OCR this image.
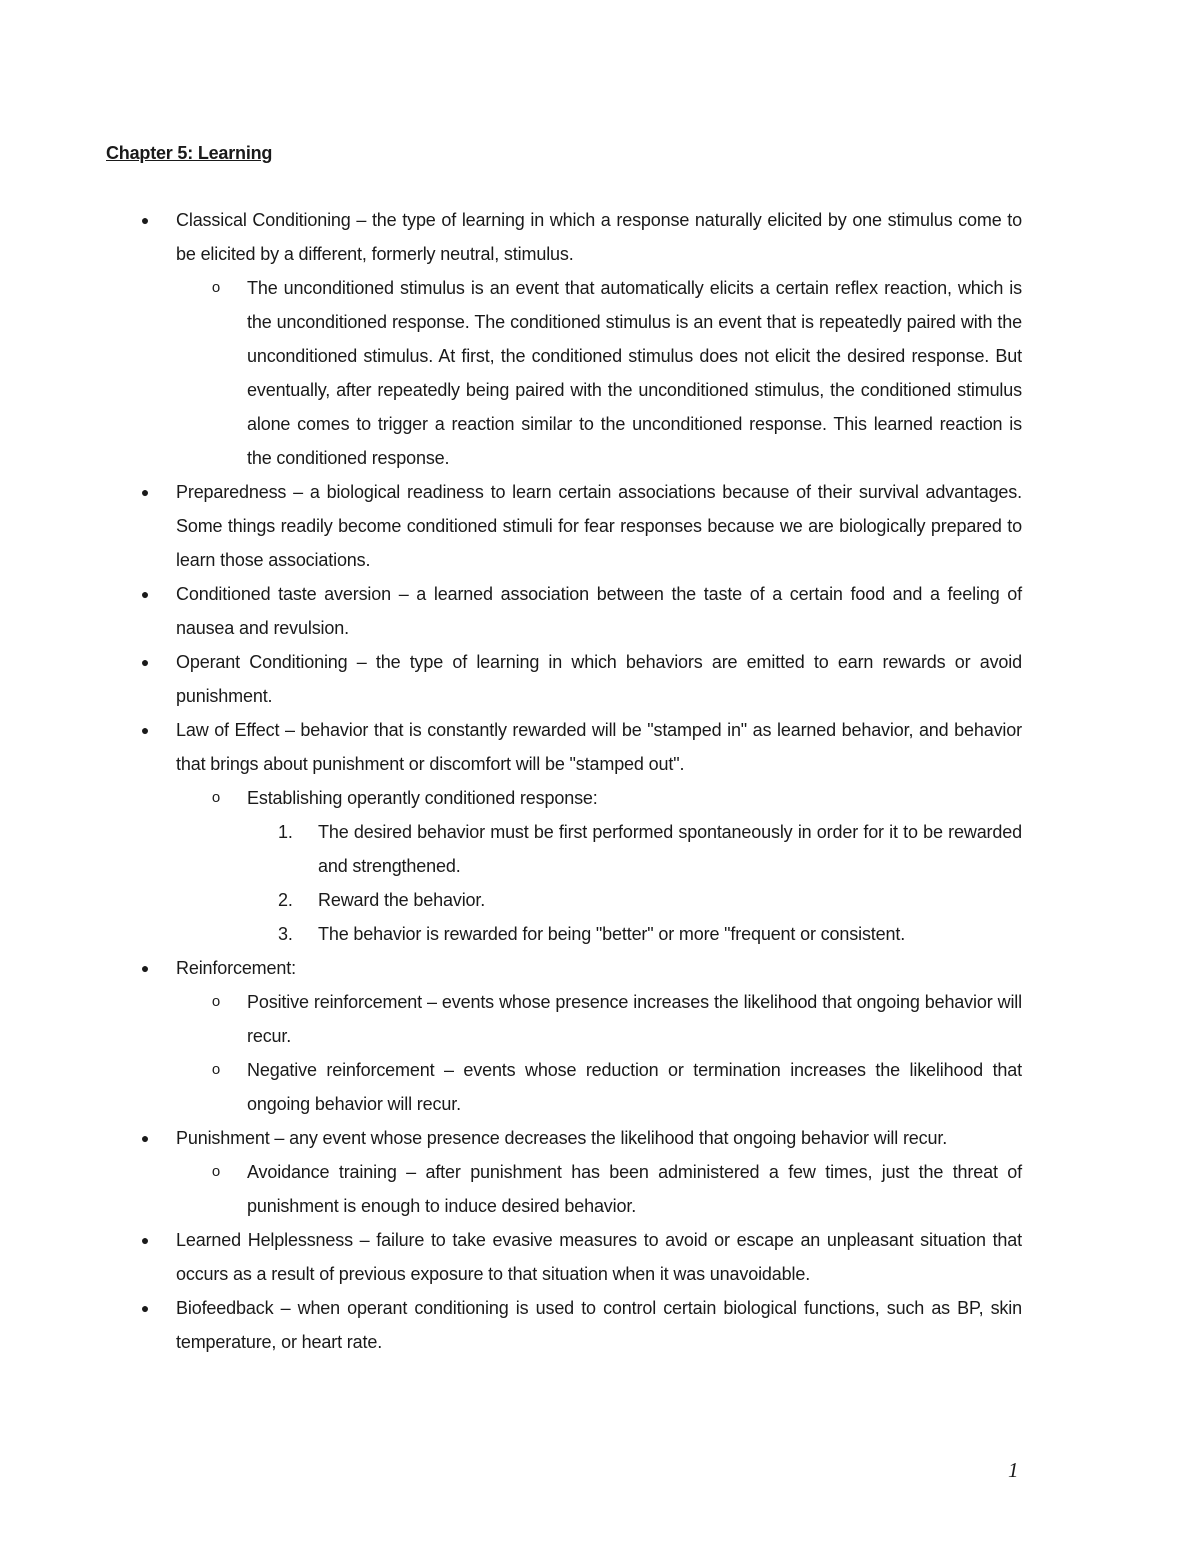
Chapter 5: Learning
● Classical Conditioning – the type of learning in which a response naturally elicited by one stimulus come to be elicited by a different, formerly neutral, stimulus.
o The unconditioned stimulus is an event that automatically elicits a certain reflex reaction, which is the unconditioned response. The conditioned stimulus is an event that is repeatedly paired with the unconditioned stimulus. At first, the conditioned stimulus does not elicit the desired response. But eventually, after repeatedly being paired with the unconditioned stimulus, the conditioned stimulus alone comes to trigger a reaction similar to the unconditioned response. This learned reaction is the conditioned response.
● Preparedness – a biological readiness to learn certain associations because of their survival advantages. Some things readily become conditioned stimuli for fear responses because we are biologically prepared to learn those associations.
● Conditioned taste aversion – a learned association between the taste of a certain food and a feeling of nausea and revulsion.
● Operant Conditioning – the type of learning in which behaviors are emitted to earn rewards or avoid punishment.
● Law of Effect – behavior that is constantly rewarded will be "stamped in" as learned behavior, and behavior that brings about punishment or discomfort will be "stamped out".
o Establishing operantly conditioned response:
1.	The desired behavior must be first performed spontaneously in order for it to be rewarded and strengthened.
2.	Reward the behavior.
3.	The behavior is rewarded for being "better" or more "frequent or consistent.
● Reinforcement:
o Positive reinforcement – events whose presence increases the likelihood that ongoing behavior will recur.
o Negative reinforcement – events whose reduction or termination increases the likelihood that ongoing behavior will recur.
● Punishment – any event whose presence decreases the likelihood that ongoing behavior will recur.
o Avoidance training – after punishment has been administered a few times, just the threat of punishment is enough to induce desired behavior.
● Learned Helplessness – failure to take evasive measures to avoid or escape an unpleasant situation that occurs as a result of previous exposure to that situation when it was unavoidable.
● Biofeedback – when operant conditioning is used to control certain biological functions, such as BP, skin temperature, or heart rate.
1
